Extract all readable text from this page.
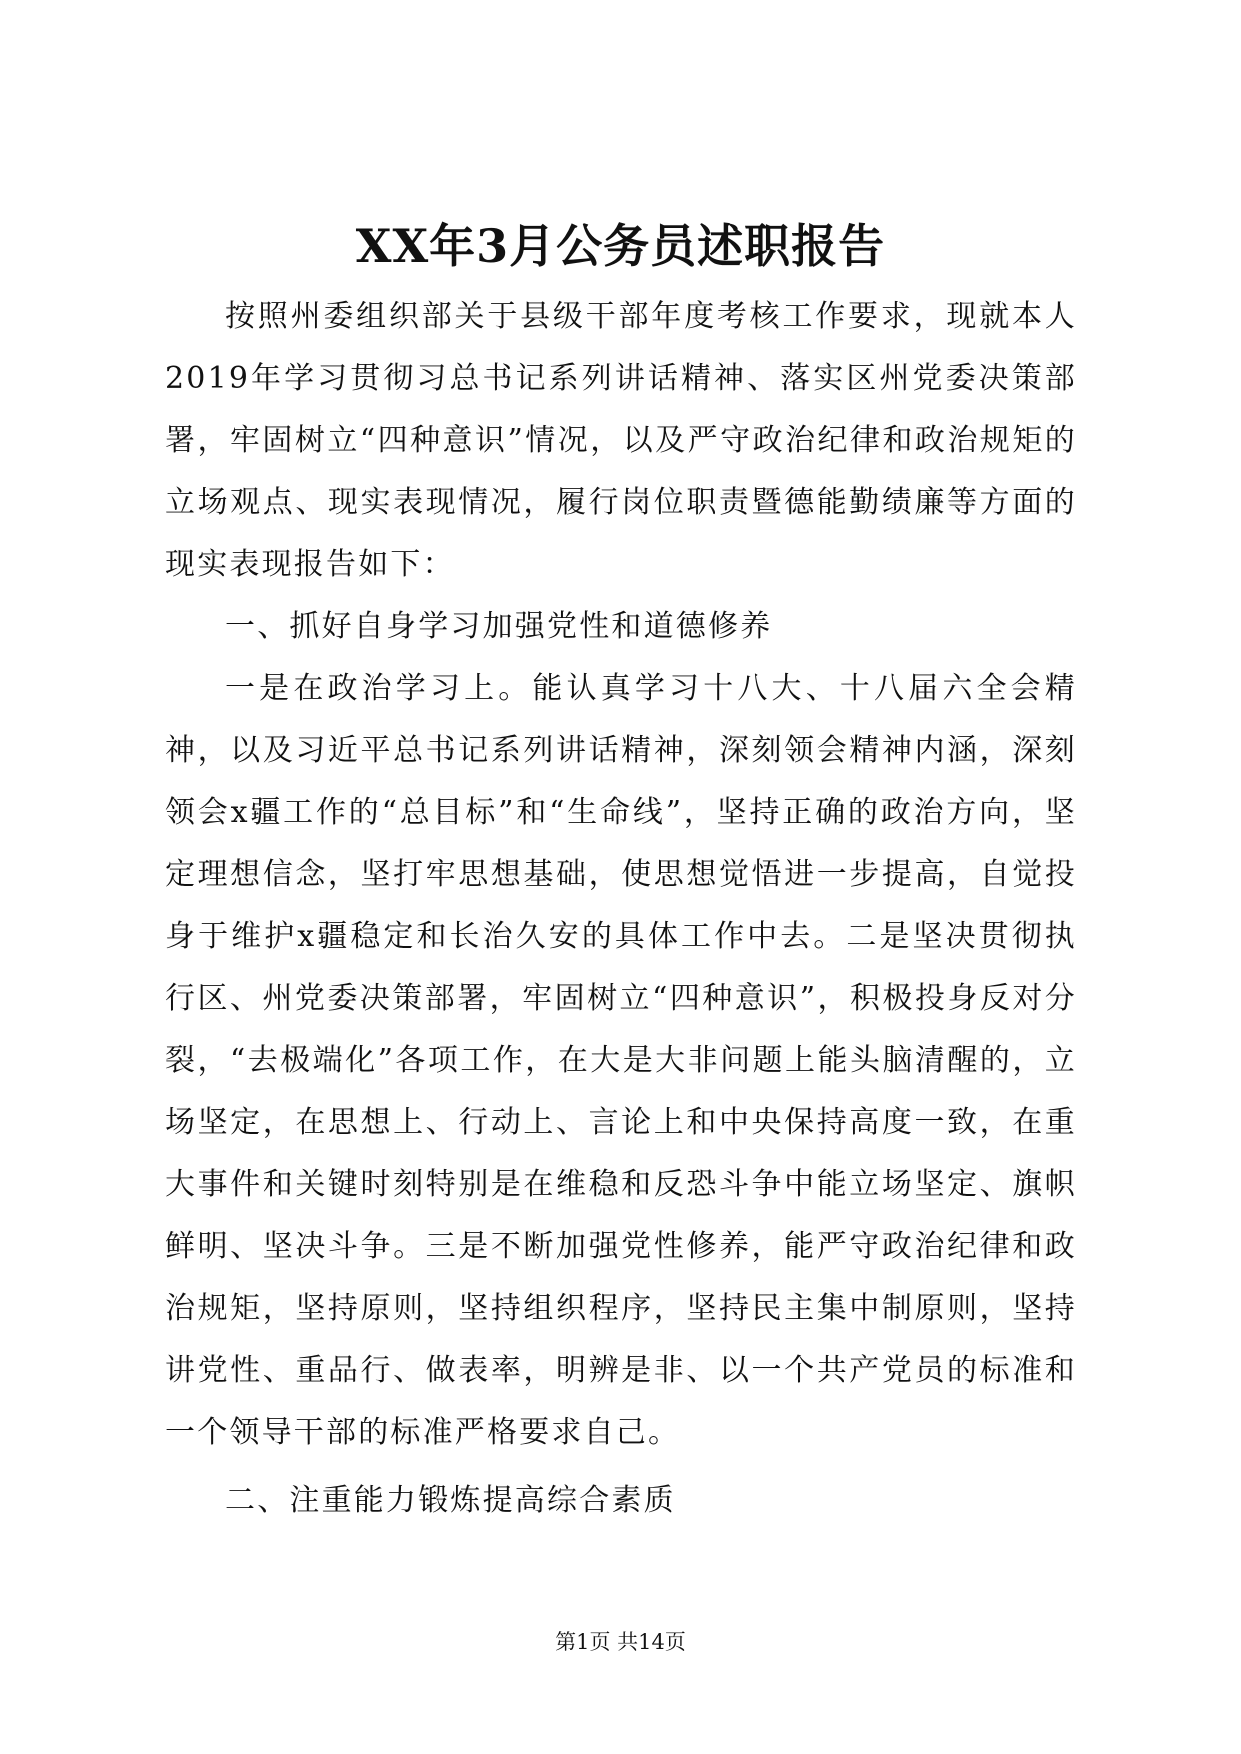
XX年3月公务员述职报告

按照州委组织部关于县级干部年度考核工作要求，现就本人2019年学习贯彻习总书记系列讲话精神、落实区州党委决策部署，牢固树立“四种意识”情况，以及严守政治纪律和政治规矩的立场观点、现实表现情况，履行岗位职责暨德能勤绩廉等方面的现实表现报告如下：

一、抓好自身学习加强党性和道德修养

一是在政治学习上。能认真学习十八大、十八届六全会精神，以及习近平总书记系列讲话精神，深刻领会精神内涵，深刻领会x疆工作的“总目标”和“生命线”，坚持正确的政治方向，坚定理想信念，坚打牢思想基础，使思想觉悟进一步提高，自觉投身于维护x疆稳定和长治久安的具体工作中去。二是坚决贯彻执行区、州党委决策部署，牢固树立“四种意识”，积极投身反对分裂，“去极端化”各项工作，在大是大非问题上能头脑清醒的，立场坚定，在思想上、行动上、言论上和中央保持高度一致，在重大事件和关键时刻特别是在维稳和反恐斗争中能立场坚定、旗帜鲜明、坚决斗争。三是不断加强党性修养，能严守政治纪律和政治规矩，坚持原则，坚持组织程序，坚持民主集中制原则，坚持讲党性、重品行、做表率，明辨是非、以一个共产党员的标准和一个领导干部的标准严格要求自己。

二、注重能力锻炼提高综合素质

第1页 共14页
